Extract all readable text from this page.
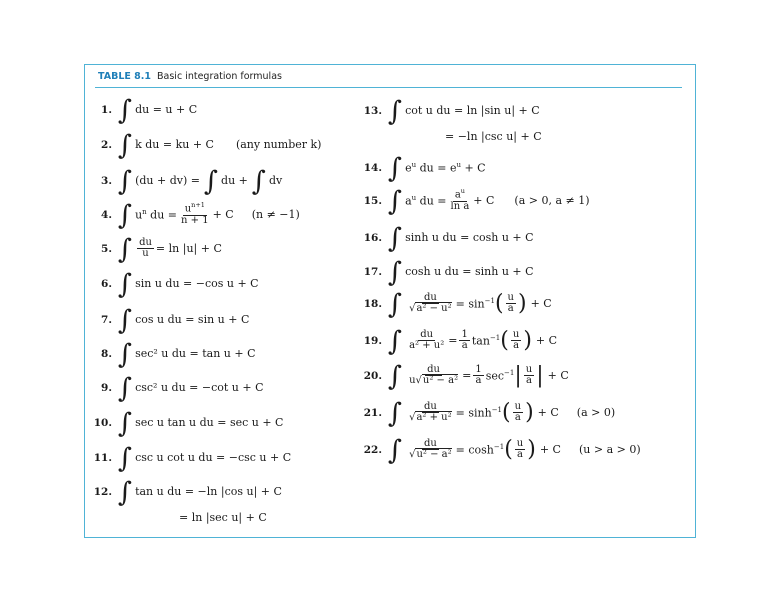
TABLE 8.1 Basic integration formulas
1. ∫ du = u + C
2. ∫ k du = ku + C (any number k)
3. ∫ (du + dv) = ∫ du + ∫ dv
4. ∫ $u^n$ du = $\frac{u^{n+1}}{n + 1} + C$ (n ≠ −1)
5. ∫ $\frac{du}{u} = \ln |u| + C$
6. ∫ sin u du = −cos u + C
7. ∫ cos u du = sin u + C
8. ∫ sec² u du = tan u + C
9. ∫ csc² u du = −cot u + C
10. ∫ sec u tan u du = sec u + C
11. ∫ csc u cot u du = −csc u + C
12. ∫ tan u du = −ln |cos u| + C
= ln |sec u| + C
13. ∫ cot u du = ln |sin u| + C
= −ln |csc u| + C
14. ∫ $e^u$ du = $e^u + C$
15. ∫ $a^u$ du = $\frac{a^u}{\text{ln a}} + C$ (a > 0, a ≠ 1)
16. ∫ sinh u du = cosh u + C
17. ∫ cosh u du = sinh u + C
18. ∫ $\frac{du}{\text{√a² − u²}} = \sin^{-1}$ ( $\frac{u}{a}$ ) + C
19. ∫ $\frac{du}{\text{a² + u²}} = \frac{1}{a} \tan^{-1}$ ( $\frac{u}{a}$ ) + C
20. ∫ $\frac{du}{\text{u√u² − a²}} = \frac{1}{a} \sec^{-1}$ | $\frac{u}{a}$ | + C
21. ∫ $\frac{du}{\text{√a² + u²}} = \sinh^{-1}$ ( $\frac{u}{a}$ ) + C (a > 0)
22. ∫ $\frac{du}{\text{√u² − a²}} = \cosh^{-1}$ ( $\frac{u}{a}$ ) + C (u > a > 0)
